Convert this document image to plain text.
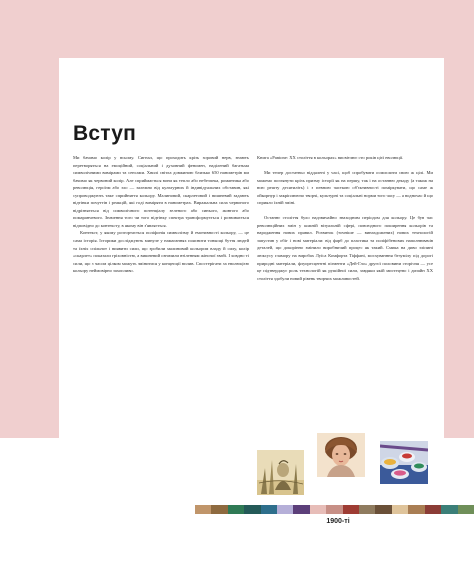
Вступ

Ми бачимо колір у всьому. Сигнал, що проходить крізь зоровий нерв, знають перетворяться на емоційний, соціальний і духовний феномен, наділений багатьма символічними вимірами та сенсами. Хвилі світла довжиною близько 650 нанометрів ми бачимо як червоний колір. Але сприймається вони як тепло або небезпека, романтика або революція, героїзм або зло — залежно від культурних й індивідуальних обставин, які супроводжують таке сприйняття кольору. Малиновий, скарлетовий і вишневий задають відтінки почуттів і реакцій, які годі виміряти в нанометрах. Виражальна сила червоного відрізняється від символічного потенціалу зеленого або синього, жовтого або помаранчевого. Значення того чи того відтінку спектра трансформується і розвивається відповідно до контексту, в якому він з'являється.

Контекст, у якому розгортається поліфонія символізму й емотивності кольору, — це сама історія. Історики досліджують минуле у намаганнях пояснити тонкощі буття людей та їхніх спільнот і виявити сили, що зробили малиновий кольором владу й силу, колір «скарлет» показали гріховністю, а вишневий означили втіленням жіночої звабі. І ховдно ті сили, що з часом цілком можуть змінитися у концепції вплив. Спостерігати за еволюцією кольору неймовірно захопливо.

Книга «Pantone: ХХ століття в кольорах» висвітлює сто років цієї еволюції.

Ми тепер достатньо віддалені у часі, щоб спробувати осмислити свою ж цілі. Ми можемо поглянути крізь призму історії як на першу, так і на останню декаду (а також на всю решту десятиліть) і з певною часткою об'єктивності поміркувати, що саме ж ойкорнур і закріплюючо творчі, культурні та соціальні норми того часу — а водночас й що сприяло їхній зміні.

Останнє століття було надзвичайно знаходним періодом для кольору. Це був час революційних змін у кожній візуальній сфері, повсюдного поширення кольорів та народження нових правил. Розвиток (точніше — винахдожених) нових технологій запустив у обіг і нові матеріали: від фарб до пластика та поліфібенових наполнювачів деталей, що докорінно змінило виробничий процес як такий. Смика на диво зліпині люксусу гламору на виробах Луїса Комфорта Тіффані, мосхуванння безумілу під дорогі природні матеріали, флуоресцентні пігменти «Дей-Гло» другої половини сторіччя — усе це підтверджує роль технологій як рушійної сили, завдяки якій мистецтво і дизайн XX століття здобули новий рівень творчих можливостей.

1900-ті
